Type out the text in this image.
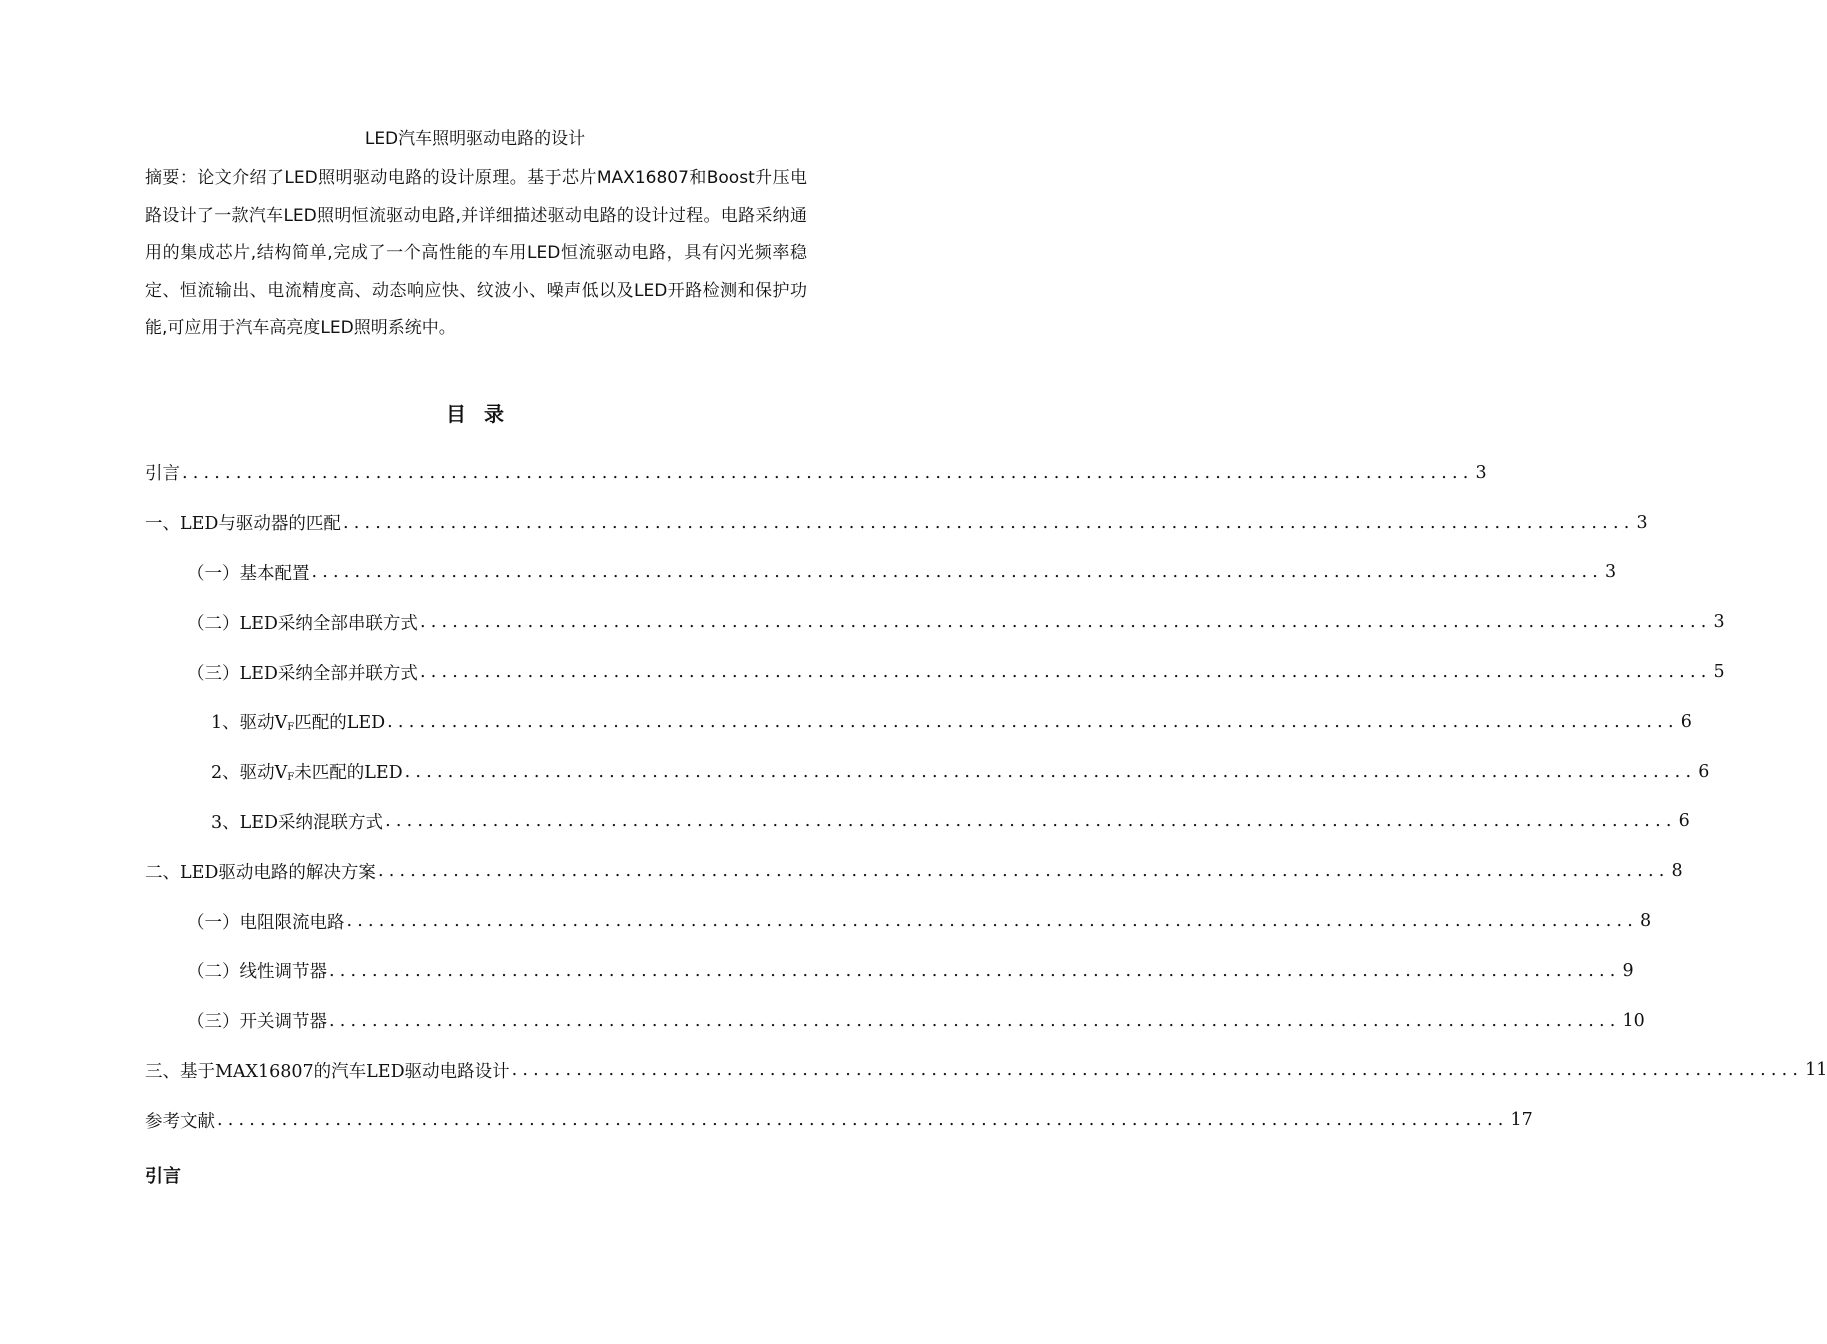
LED汽车照明驱动电路的设计
摘要：论文介绍了LED照明驱动电路的设计原理。基于芯片MAX16807和Boost升压电路设计了一款汽车LED照明恒流驱动电路,并详细描述驱动电路的设计过程。电路采纳通用的集成芯片,结构简单,完成了一个高性能的车用LED恒流驱动电路，具有闪光频率稳定、恒流输出、电流精度高、动态响应快、纹波小、噪声低以及LED开路检测和保护功能,可应用于汽车高亮度LED照明系统中。
目录
引言 ........................................................................................................................ 3
一、LED与驱动器的匹配 ........................................................................................................................ 3
（一）基本配置 ........................................................................................................................ 3
（二）LED采纳全部串联方式 ........................................................................................................................ 3
（三）LED采纳全部并联方式 ........................................................................................................................ 5
1、驱动$V_F$匹配的LED ........................................................................................................................ 6
2、驱动$V_F$未匹配的LED ........................................................................................................................ 6
3、LED采纳混联方式 ........................................................................................................................ 6
二、LED驱动电路的解决方案 ........................................................................................................................ 8
（一）电阻限流电路 ........................................................................................................................ 8
（二）线性调节器 ........................................................................................................................ 9
（三）开关调节器 ........................................................................................................................ 10
三、基于MAX16807的汽车LED驱动电路设计 ........................................................................................................................ 11
参考文献 ........................................................................................................................ 17
引言
